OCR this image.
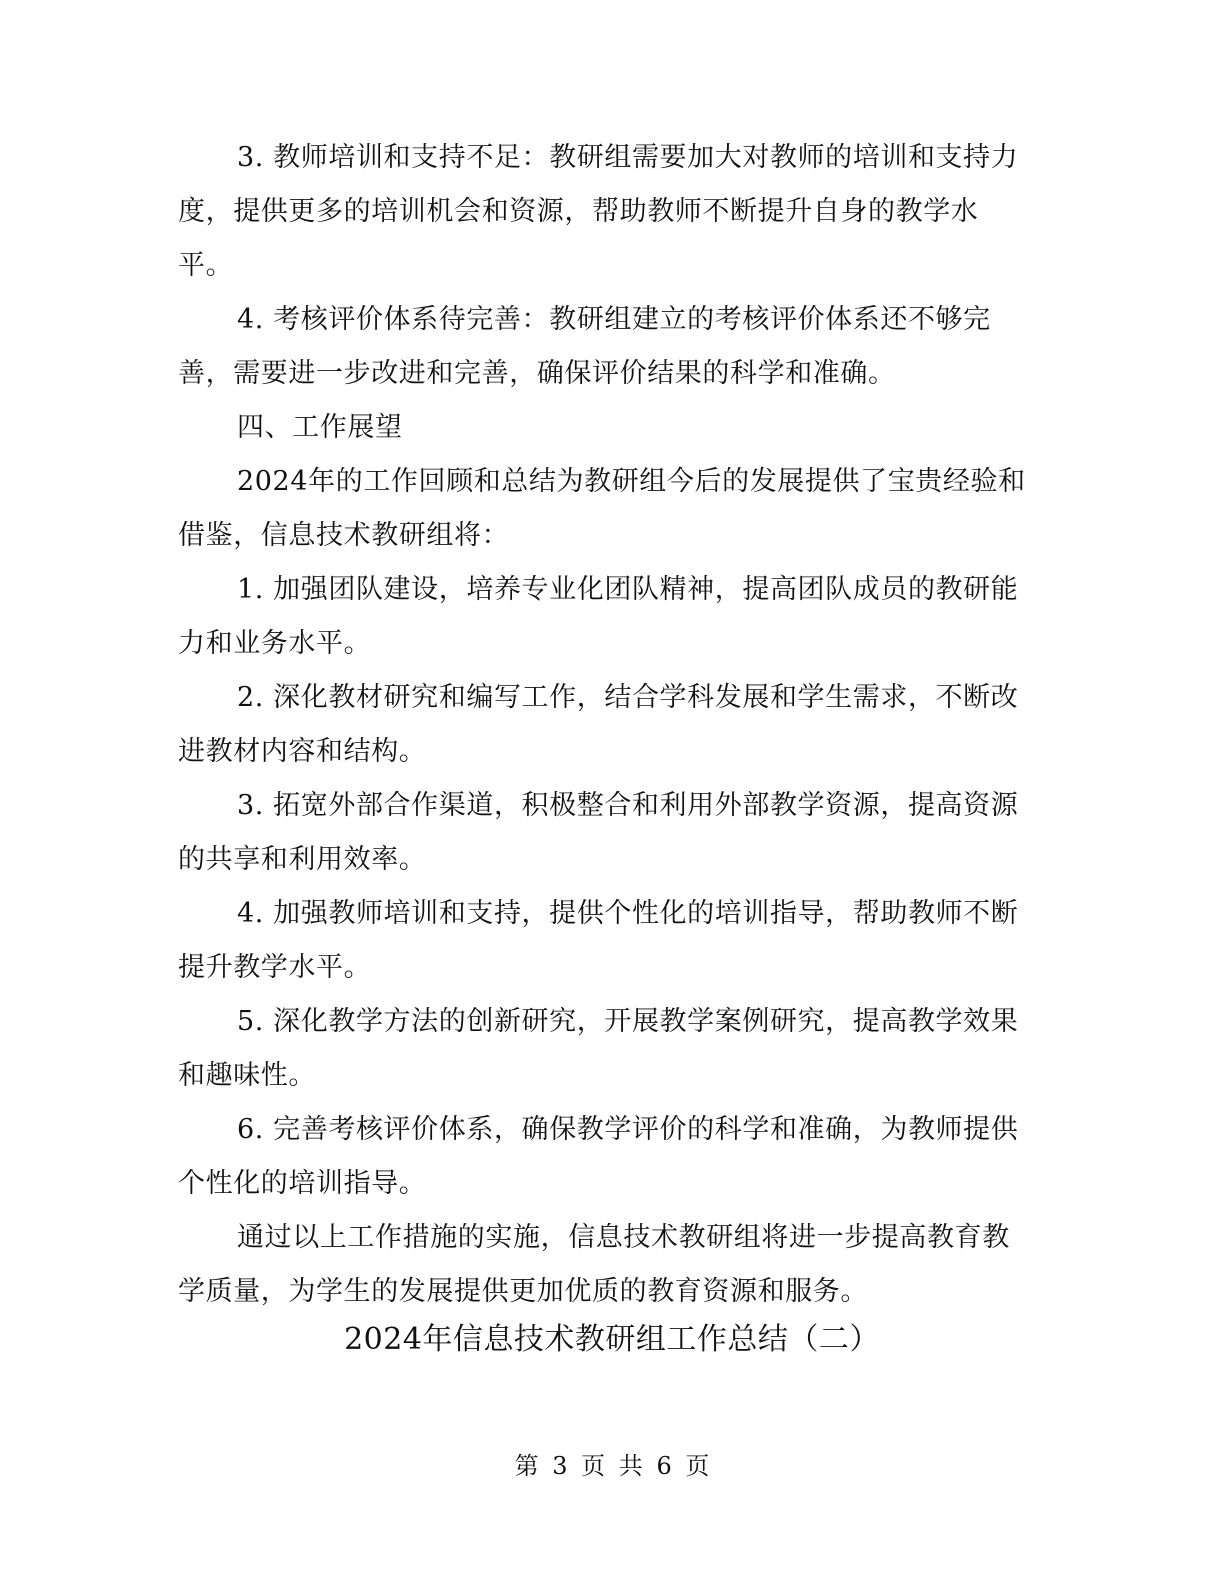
3. 教师培训和支持不足：教研组需要加大对教师的培训和支持力度，提供更多的培训机会和资源，帮助教师不断提升自身的教学水平。

4. 考核评价体系待完善：教研组建立的考核评价体系还不够完善，需要进一步改进和完善，确保评价结果的科学和准确。

四、工作展望

2024年的工作回顾和总结为教研组今后的发展提供了宝贵经验和借鉴，信息技术教研组将：

1. 加强团队建设，培养专业化团队精神，提高团队成员的教研能力和业务水平。

2. 深化教材研究和编写工作，结合学科发展和学生需求，不断改进教材内容和结构。

3. 拓宽外部合作渠道，积极整合和利用外部教学资源，提高资源的共享和利用效率。

4. 加强教师培训和支持，提供个性化的培训指导，帮助教师不断提升教学水平。

5. 深化教学方法的创新研究，开展教学案例研究，提高教学效果和趣味性。

6. 完善考核评价体系，确保教学评价的科学和准确，为教师提供个性化的培训指导。

通过以上工作措施的实施，信息技术教研组将进一步提高教育教学质量，为学生的发展提供更加优质的教育资源和服务。

2024年信息技术教研组工作总结（二）

第 3 页 共 6 页
